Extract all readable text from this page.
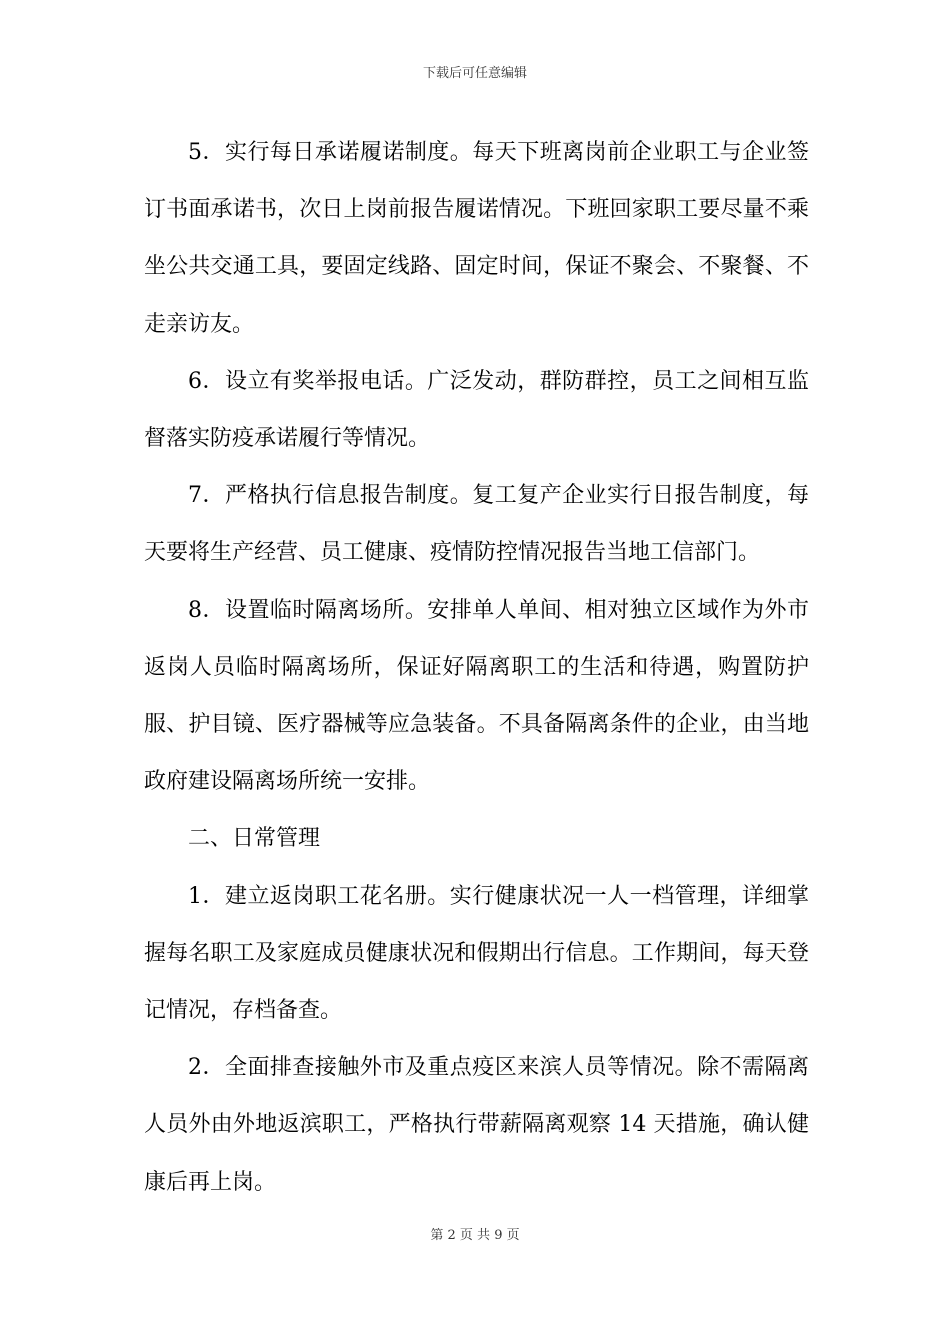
下载后可任意编辑

5．实行每日承诺履诺制度。每天下班离岗前企业职工与企业签订书面承诺书，次日上岗前报告履诺情况。下班回家职工要尽量不乘坐公共交通工具，要固定线路、固定时间，保证不聚会、不聚餐、不走亲访友。

6．设立有奖举报电话。广泛发动，群防群控，员工之间相互监督落实防疫承诺履行等情况。

7．严格执行信息报告制度。复工复产企业实行日报告制度，每天要将生产经营、员工健康、疫情防控情况报告当地工信部门。

8．设置临时隔离场所。安排单人单间、相对独立区域作为外市返岗人员临时隔离场所，保证好隔离职工的生活和待遇，购置防护服、护目镜、医疗器械等应急装备。不具备隔离条件的企业，由当地政府建设隔离场所统一安排。

二、日常管理

1．建立返岗职工花名册。实行健康状况一人一档管理，详细掌握每名职工及家庭成员健康状况和假期出行信息。工作期间，每天登记情况，存档备查。

2．全面排查接触外市及重点疫区来滨人员等情况。除不需隔离人员外由外地返滨职工，严格执行带薪隔离观察 14 天措施，确认健康后再上岗。

第 2 页 共 9 页
